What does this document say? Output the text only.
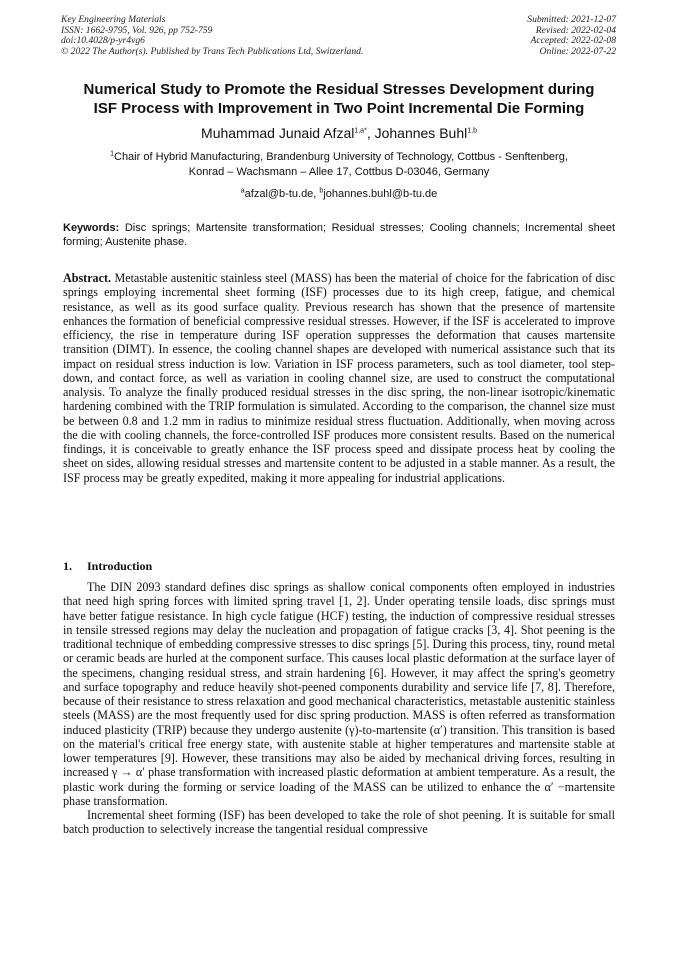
Key Engineering Materials	Submitted: 2021-12-07
ISSN: 1662-9795, Vol. 926, pp 752-759	Revised: 2022-02-04
doi:10.4028/p-yr4vg6	Accepted: 2022-02-08
© 2022 The Author(s). Published by Trans Tech Publications Ltd, Switzerland.	Online: 2022-07-22
Numerical Study to Promote the Residual Stresses Development during
ISF Process with Improvement in Two Point Incremental Die Forming
Muhammad Junaid Afzal$^{1,a*}$, Johannes Buhl$^{1,b}$
$^1$Chair of Hybrid Manufacturing, Brandenburg University of Technology, Cottbus - Senftenberg,
Konrad – Wachsmann – Allee 17, Cottbus D-03046, Germany
$^a$afzal@b-tu.de, $^b$johannes.buhl@b-tu.de
Keywords: Disc springs; Martensite transformation; Residual stresses; Cooling channels; Incremental sheet forming; Austenite phase.
Abstract. Metastable austenitic stainless steel (MASS) has been the material of choice for the fabrication of disc springs employing incremental sheet forming (ISF) processes due to its high creep, fatigue, and chemical resistance, as well as its good surface quality. Previous research has shown that the presence of martensite enhances the formation of beneficial compressive residual stresses. However, if the ISF is accelerated to improve efficiency, the rise in temperature during ISF operation suppresses the deformation that causes martensite transition (DIMT). In essence, the cooling channel shapes are developed with numerical assistance such that its impact on residual stress induction is low. Variation in ISF process parameters, such as tool diameter, tool step-down, and contact force, as well as variation in cooling channel size, are used to construct the computational analysis. To analyze the finally produced residual stresses in the disc spring, the non-linear isotropic/kinematic hardening combined with the TRIP formulation is simulated. According to the comparison, the channel size must be between 0.8 and 1.2 mm in radius to minimize residual stress fluctuation. Additionally, when moving across the die with cooling channels, the force-controlled ISF produces more consistent results. Based on the numerical findings, it is conceivable to greatly enhance the ISF process speed and dissipate process heat by cooling the sheet on sides, allowing residual stresses and martensite content to be adjusted in a stable manner. As a result, the ISF process may be greatly expedited, making it more appealing for industrial applications.
1. Introduction

The DIN 2093 standard defines disc springs as shallow conical components often employed in industries that need high spring forces with limited spring travel [1, 2]. Under operating tensile loads, disc springs must have better fatigue resistance. In high cycle fatigue (HCF) testing, the induction of compressive residual stresses in tensile stressed regions may delay the nucleation and propagation of fatigue cracks [3, 4]. Shot peening is the traditional technique of embedding compressive stresses to disc springs [5]. During this process, tiny, round metal or ceramic beads are hurled at the component surface. This causes local plastic deformation at the surface layer of the specimens, changing residual stress, and strain hardening [6]. However, it may affect the spring's geometry and surface topography and reduce heavily shot-peened components durability and service life [7, 8]. Therefore, because of their resistance to stress relaxation and good mechanical characteristics, metastable austenitic stainless steels (MASS) are the most frequently used for disc spring production. MASS is often referred as transformation induced plasticity (TRIP) because they undergo austenite (γ)-to-martensite (α′) transition. This transition is based on the material's critical free energy state, with austenite stable at higher temperatures and martensite stable at lower temperatures [9]. However, these transitions may also be aided by mechanical driving forces, resulting in increased γ → α′ phase transformation with increased plastic deformation at ambient temperature. As a result, the plastic work during the forming or service loading of the MASS can be utilized to enhance the α′ −martensite phase transformation.

Incremental sheet forming (ISF) has been developed to take the role of shot peening. It is suitable for small batch production to selectively increase the tangential residual compressive
